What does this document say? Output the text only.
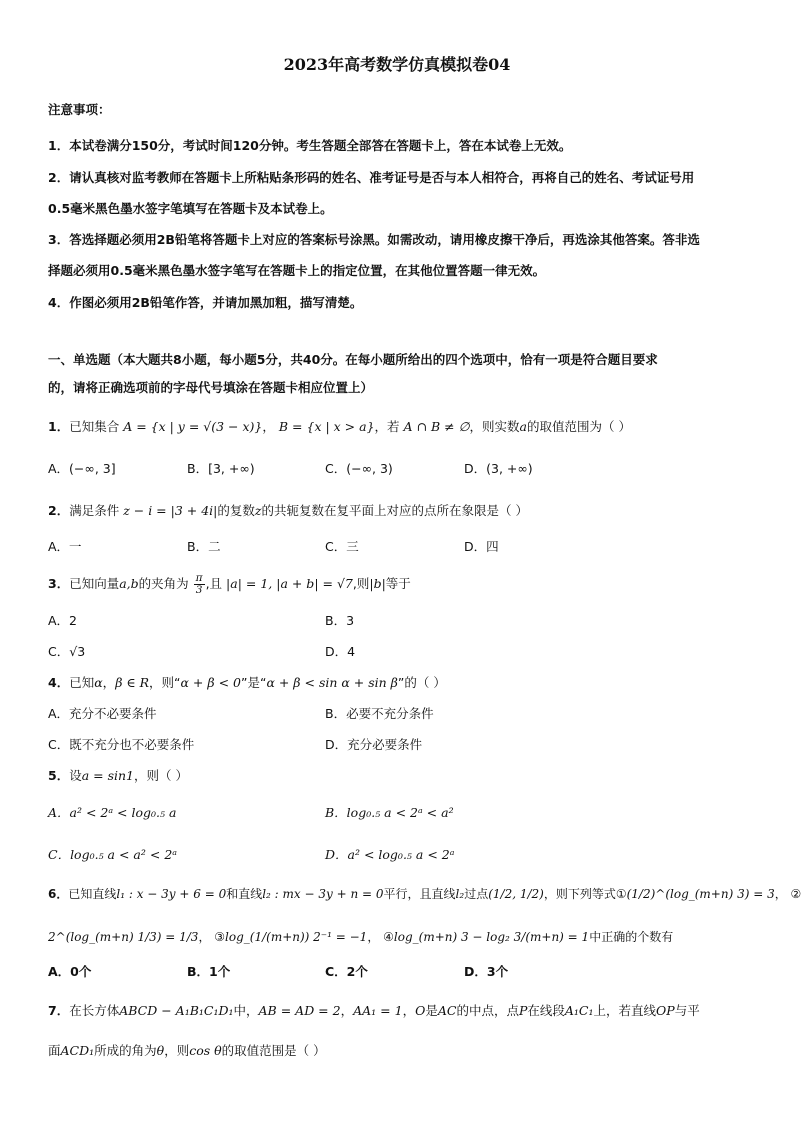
2023年高考数学仿真模拟卷04
注意事项：
1．本试卷满分150分，考试时间120分钟。考生答题全部答在答题卡上，答在本试卷上无效。
2．请认真核对监考教师在答题卡上所粘贴条形码的姓名、准考证号是否与本人相符合，再将自己的姓名、考试证号用
0.5毫米黑色墨水签字笔填写在答题卡及本试卷上。
3．答选择题必须用2B铅笔将答题卡上对应的答案标号涂黑。如需改动，请用橡皮擦干净后，再选涂其他答案。答非选
择题必须用0.5毫米黑色墨水签字笔写在答题卡上的指定位置，在其他位置答题一律无效。
4．作图必须用2B铅笔作答，并请加黑加粗，描写清楚。
一、单选题（本大题共8小题，每小题5分，共40分。在每小题所给出的四个选项中，恰有一项是符合题目要求
的，请将正确选项前的字母代号填涂在答题卡相应位置上）
1．已知集合 A = {x | y = √(3 − x)}， B = {x | x > a}，若 A ∩ B ≠ ∅，则实数a的取值范围为（ ）
A．(−∞, 3]	B．[3, +∞)	C．(−∞, 3)	D．(3, +∞)
2．满足条件 z − i = |3 + 4i|的复数z的共轭复数在复平面上对应的点所在象限是（ ）
A．一	B．二	C．三	D．四
3．已知向量a,b的夹角为 $\frac{\pi}{3}$ ,且 |a| = 1, |a + b| = √7,则|b|等于
A．2	B．3
C．√3	D．4
4．已知α，β ∈ R，则“α + β < 0”是“α + β < sin α + sin β”的（ ）
A．充分不必要条件	B．必要不充分条件
C．既不充分也不必要条件	D．充分必要条件
5．设a = sin1，则（ ）
A．a² < 2ᵃ < log₀.₅ a	B．log₀.₅ a < 2ᵃ < a²
C．log₀.₅ a < a² < 2ᵃ	D．a² < log₀.₅ a < 2ᵃ
6．已知直线l₁ : x − 3y + 6 = 0和直线l₂ : mx − 3y + n = 0平行，且直线l₂过点(1/2, 1/2)，则下列等式①(1/2)^(log_(m+n) 3) = 3， ②
2^(log_(m+n) 1/3) = 1/3， ③log_(1/(m+n)) 2⁻¹ = −1， ④log_(m+n) 3 − log₂ 3/(m+n) = 1中正确的个数有
A．0个	B．1个	C．2个	D．3个
7．在长方体ABCD − A₁B₁C₁D₁中，AB = AD = 2，AA₁ = 1，O是AC的中点，点P在线段A₁C₁上，若直线OP与平
面ACD₁所成的角为θ，则cos θ的取值范围是（ ）
